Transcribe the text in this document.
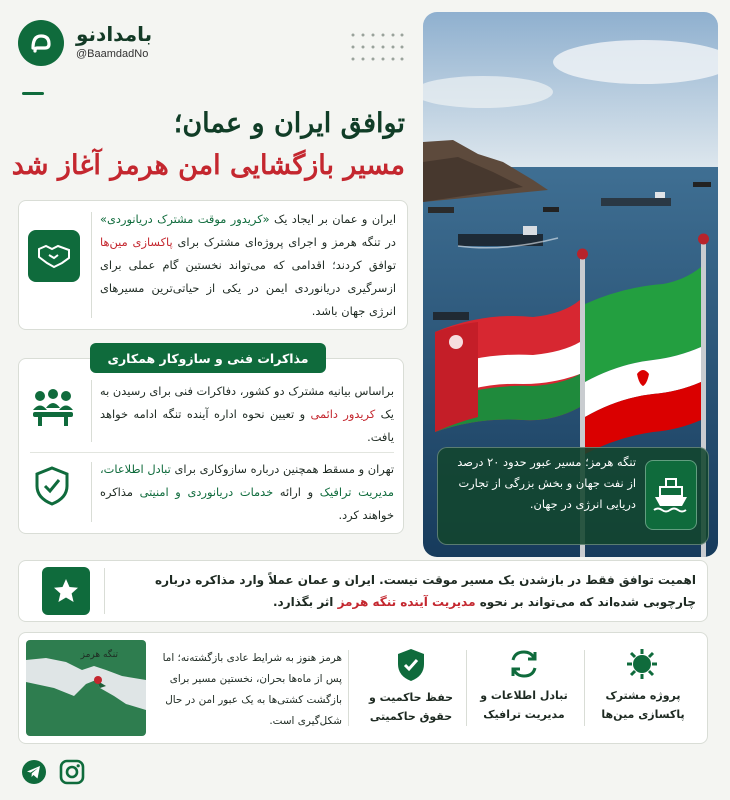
بامدادنو
@BaamdadNo
توافق ایران و عمان؛
مسیر بازگشایی امن هرمز آغاز شد
ایران و عمان بر ایجاد یک «کریدور موقت مشترک دریانوردی» در تنگه هرمز و اجرای پروژه‌ای مشترک برای پاکسازی مین‌ها توافق کردند؛ اقدامی که می‌تواند نخستین گام عملی برای ازسرگیری دریانوردی ایمن در یکی از حیاتی‌ترین مسیرهای انرژی جهان باشد.
مذاکرات فنی و سازوکار همکاری
براساس بیانیه مشترک دو کشور، دفاکرات فنی برای رسیدن به یک کریدور دائمی و تعیین نحوه اداره آینده تنگه ادامه خواهد یافت.
تهران و مسقط همچنین درباره سازوکاری برای تبادل اطلاعات، مدیریت ترافیک و ارائه خدمات دریانوردی و امنیتی مذاکره خواهند کرد.
تنگه هرمز؛ مسیر عبور حدود ۲۰ درصد از نفت جهان و بخش بزرگی از تجارت دریایی انرژی در جهان.
اهمیت توافق فقط در بازشدن یک مسیر موقت نیست. ایران و عمان عملاً وارد مذاکره درباره چارچوبی شده‌اند که می‌تواند بر نحوه مدیریت آینده تنگه هرمز اثر بگذارد.
پروژه مشترک پاکسازی مین‌ها
تبادل اطلاعات و مدیریت ترافیک
حفظ حاکمیت و حقوق حاکمیتی
هرمز هنوز به شرایط عادی بازگشته‌نه؛ اما پس از ماه‌ها بحران، نخستین مسیر برای بازگشت کشتی‌ها به یک عبور امن در حال شکل‌گیری است.
تنگه هرمز
